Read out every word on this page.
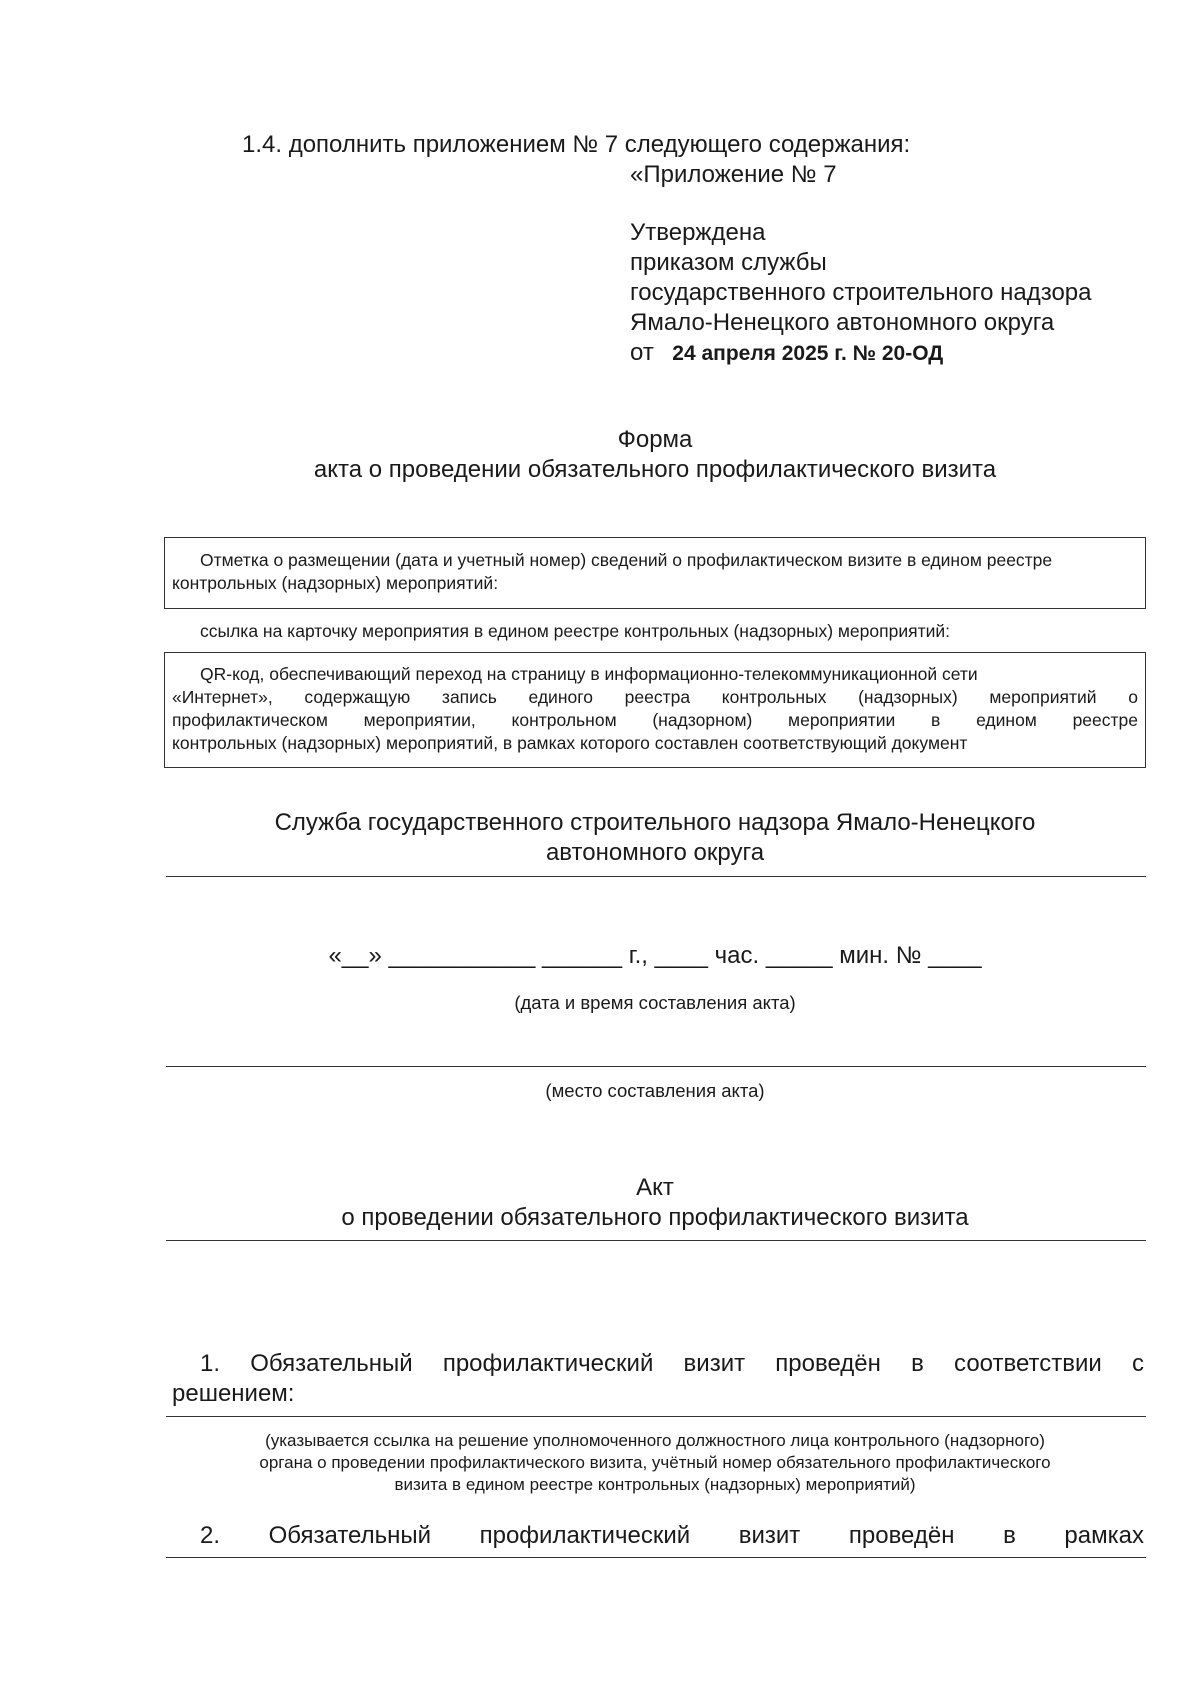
1.4. дополнить приложением № 7 следующего содержания:
«Приложение № 7
Утверждена
приказом службы
государственного строительного надзора
Ямало-Ненецкого автономного округа
от 24 апреля 2025 г. № 20-ОД
Форма
акта о проведении обязательного профилактического визита
Отметка о размещении (дата и учетный номер) сведений о профилактическом визите в едином реестре контрольных (надзорных) мероприятий:
ссылка на карточку мероприятия в едином реестре контрольных (надзорных) мероприятий:
QR-код, обеспечивающий переход на страницу в информационно-телекоммуникационной сети
«Интернет», содержащую запись единого реестра контрольных (надзорных) мероприятий о
профилактическом мероприятии, контрольном (надзорном) мероприятии в едином реестре
контрольных (надзорных) мероприятий, в рамках которого составлен соответствующий документ
Служба государственного строительного надзора Ямало-Ненецкого
автономного округа
«__» ___________ ______ г., ____ час. _____ мин. № ____
(дата и время составления акта)
(место составления акта)
Акт
о проведении обязательного профилактического визита
1. Обязательный профилактический визит проведён в соответствии с
решением:
(указывается ссылка на решение уполномоченного должностного лица контрольного (надзорного)
органа о проведении профилактического визита, учётный номер обязательного профилактического
визита в едином реестре контрольных (надзорных) мероприятий)
2. Обязательный профилактический визит проведён в рамках
